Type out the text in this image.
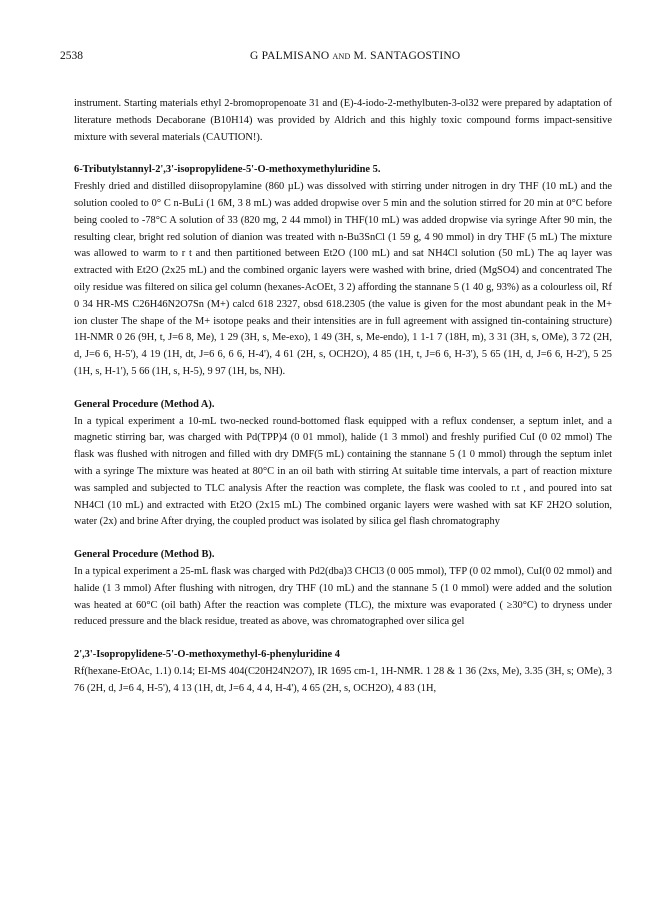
2538	G PALMISANO and M. SANTAGOSTINO

instrument. Starting materials ethyl 2-bromopropenoate 31 and (E)-4-iodo-2-methylbuten-3-ol32 were prepared by adaptation of literature methods Decaborane (B10H14) was provided by Aldrich and this highly toxic compound forms impact-sensitive mixture with several materials (CAUTION!).

6-Tributylstannyl-2',3'-isopropylidene-5'-O-methoxymethyluridine 5.

Freshly dried and distilled diisopropylamine (860 µL) was dissolved with stirring under nitrogen in dry THF (10 mL) and the solution cooled to 0° C n-BuLi (1 6M, 3 8 mL) was added dropwise over 5 min and the solution stirred for 20 min at 0°C before being cooled to -78°C A solution of 33 (820 mg, 2 44 mmol) in THF(10 mL) was added dropwise via syringe After 90 min, the resulting clear, bright red solution of dianion was treated with n-Bu3SnCl (1 59 g, 4 90 mmol) in dry THF (5 mL) The mixture was allowed to warm to r t and then partitioned between Et2O (100 mL) and sat NH4Cl solution (50 mL) The aq layer was extracted with Et2O (2x25 mL) and the combined organic layers were washed with brine, dried (MgSO4) and concentrated The oily residue was filtered on silica gel column (hexanes-AcOEt, 3 2) affording the stannane 5 (1 40 g, 93%) as a colourless oil, Rf 0 34 HR-MS C26H46N2O7Sn (M+) calcd 618 2327, obsd 618.2305 (the value is given for the most abundant peak in the M+ ion cluster The shape of the M+ isotope peaks and their intensities are in full agreement with assigned tin-containing structure) 1H-NMR 0 26 (9H, t, J=6 8, Me), 1 29 (3H, s, Me-exo), 1 49 (3H, s, Me-endo), 1 1-1 7 (18H, m), 3 31 (3H, s, OMe), 3 72 (2H, d, J=6 6, H-5'), 4 19 (1H, dt, J=6 6, 6 6, H-4'), 4 61 (2H, s, OCH2O), 4 85 (1H, t, J=6 6, H-3'), 5 65 (1H, d, J=6 6, H-2'), 5 25 (1H, s, H-1'), 5 66 (1H, s, H-5), 9 97 (1H, bs, NH).

General Procedure (Method A).

In a typical experiment a 10-mL two-necked round-bottomed flask equipped with a reflux condenser, a septum inlet, and a magnetic stirring bar, was charged with Pd(TPP)4 (0 01 mmol), halide (1 3 mmol) and freshly purified CuI (0 02 mmol) The flask was flushed with nitrogen and filled with dry DMF(5 mL) containing the stannane 5 (1 0 mmol) through the septum inlet with a syringe The mixture was heated at 80°C in an oil bath with stirring At suitable time intervals, a part of reaction mixture was sampled and subjected to TLC analysis After the reaction was complete, the flask was cooled to r.t , and poured into sat NH4Cl (10 mL) and extracted with Et2O (2x15 mL) The combined organic layers were washed with sat KF 2H2O solution, water (2x) and brine After drying, the coupled product was isolated by silica gel flash chromatography

General Procedure (Method B).

In a typical experiment a 25-mL flask was charged with Pd2(dba)3 CHCl3 (0 005 mmol), TFP (0 02 mmol), CuI(0 02 mmol) and halide (1 3 mmol) After flushing with nitrogen, dry THF (10 mL) and the stannane 5 (1 0 mmol) were added and the solution was heated at 60°C (oil bath) After the reaction was complete (TLC), the mixture was evaporated ( ≥30°C) to dryness under reduced pressure and the black residue, treated as above, was chromatographed over silica gel

2',3'-Isopropylidene-5'-O-methoxymethyl-6-phenyluridine 4

Rf(hexane-EtOAc, 1.1) 0.14; EI-MS 404(C20H24N2O7), IR 1695 cm-1, 1H-NMR. 1 28 & 1 36 (2xs, Me), 3.35 (3H, s; OMe), 3 76 (2H, d, J=6 4, H-5'), 4 13 (1H, dt, J=6 4, 4 4, H-4'), 4 65 (2H, s, OCH2O), 4 83 (1H,
